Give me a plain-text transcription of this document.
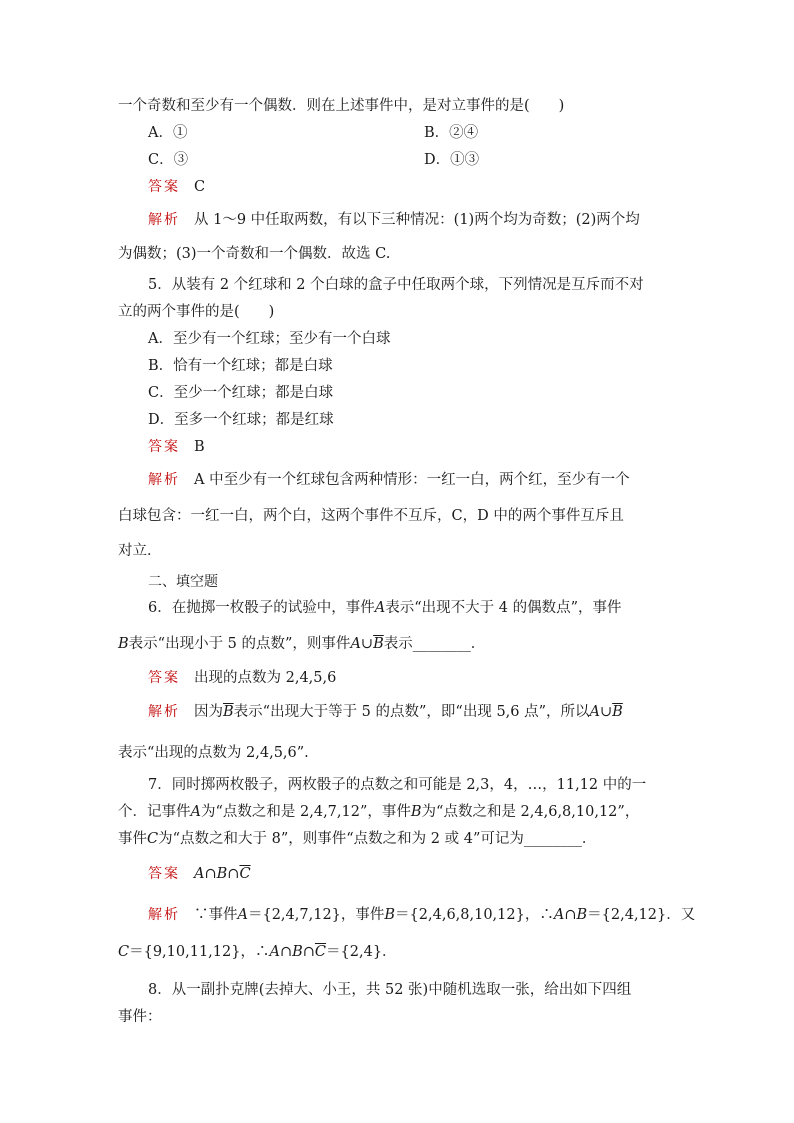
一个奇数和至少有一个偶数．则在上述事件中，是对立事件的是(　　)
A．①	B．②④
C．③	D．①③
答案 C
解析 从 1～9 中任取两数，有以下三种情况：(1)两个均为奇数；(2)两个均
为偶数；(3)一个奇数和一个偶数．故选 C.
5．从装有 2 个红球和 2 个白球的盒子中任取两个球，下列情况是互斥而不对
立的两个事件的是(　　)
A．至少有一个红球；至少有一个白球
B．恰有一个红球；都是白球
C．至少一个红球；都是白球
D．至多一个红球；都是红球
答案 B
解析 A 中至少有一个红球包含两种情形：一红一白，两个红，至少有一个
白球包含：一红一白，两个白，这两个事件不互斥，C，D 中的两个事件互斥且
对立．
二、填空题
6．在抛掷一枚骰子的试验中，事件A表示“出现不大于 4 的偶数点”，事件
B表示“出现小于 5 的点数”，则事件$A\cup\overline{B}$表示________．
答案 出现的点数为 2,4,5,6
解析 因为$\overline{B}$表示“出现大于等于 5 的点数”，即“出现 5,6 点”，所以$A\cup\overline{B}$
表示“出现的点数为 2,4,5,6”.
7．同时掷两枚骰子，两枚骰子的点数之和可能是 2,3，4，…，11,12 中的一
个．记事件A为“点数之和是 2,4,7,12”，事件B为“点数之和是 2,4,6,8,10,12”，
事件C为“点数之和大于 8”，则事件“点数之和为 2 或 4”可记为________．
答案 $A\cap B\cap\overline{C}$
解析 ∵事件A＝{2,4,7,12}，事件B＝{2,4,6,8,10,12}，∴A∩B＝{2,4,12}．又
C＝{9,10,11,12}，$\therefore A\cap B\cap\overline{C}=\{2,4\}$．
8．从一副扑克牌(去掉大、小王，共 52 张)中随机选取一张，给出如下四组
事件：
